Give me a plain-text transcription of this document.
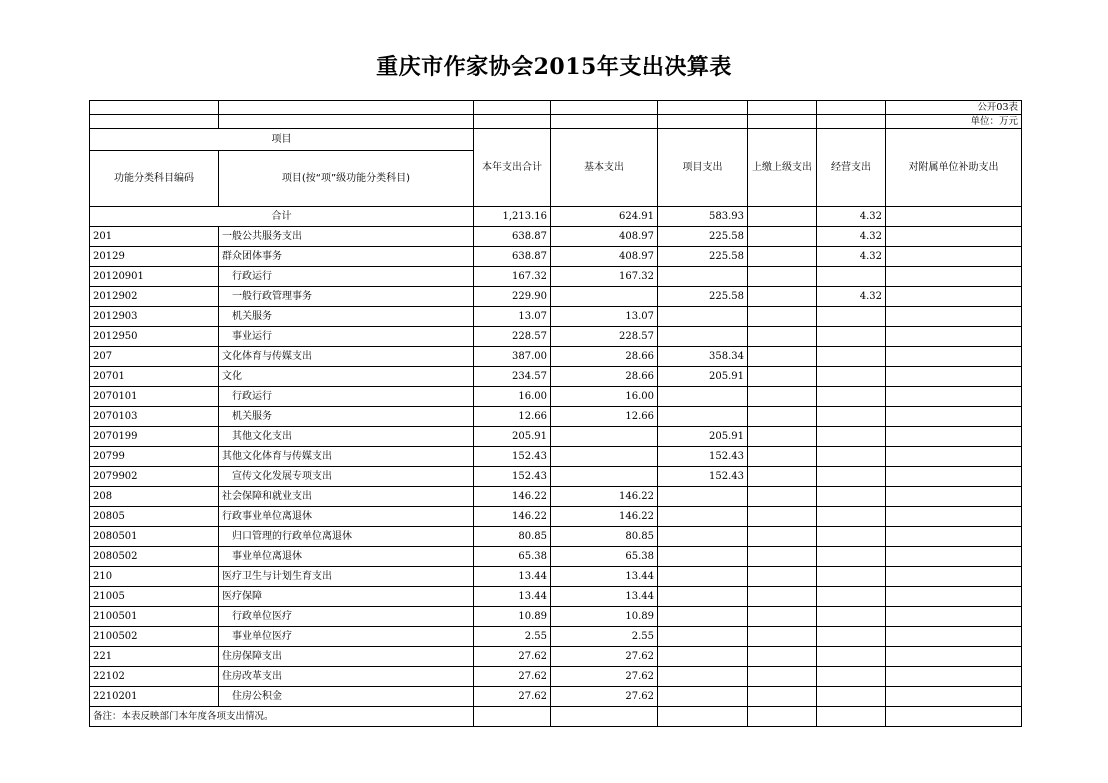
重庆市作家协会2015年支出决算表
							公开03表
							单位：万元
项目		本年支出合计	基本支出	项目支出	上缴上级支出	经营支出	对附属单位补助支出
功能分类科目编码	项目(按“项”级功能分类科目)						
合计		1,213.16	624.91	583.93		4.32	
201	一般公共服务支出	638.87	408.97	225.58		4.32	
20129	群众团体事务	638.87	408.97	225.58		4.32	
20120901	行政运行	167.32	167.32				
2012902	一般行政管理事务	229.90		225.58		4.32	
2012903	机关服务	13.07	13.07				
2012950	事业运行	228.57	228.57				
207	文化体育与传媒支出	387.00	28.66	358.34			
20701	文化	234.57	28.66	205.91			
2070101	行政运行	16.00	16.00				
2070103	机关服务	12.66	12.66				
2070199	其他文化支出	205.91		205.91			
20799	其他文化体育与传媒支出	152.43		152.43			
2079902	宣传文化发展专项支出	152.43		152.43			
208	社会保障和就业支出	146.22	146.22				
20805	行政事业单位离退休	146.22	146.22				
2080501	归口管理的行政单位离退休	80.85	80.85				
2080502	事业单位离退休	65.38	65.38				
210	医疗卫生与计划生育支出	13.44	13.44				
21005	医疗保障	13.44	13.44				
2100501	行政单位医疗	10.89	10.89				
2100502	事业单位医疗	2.55	2.55				
221	住房保障支出	27.62	27.62				
22102	住房改革支出	27.62	27.62				
2210201	住房公积金	27.62	27.62				
备注：本表反映部门本年度各项支出情况。							
